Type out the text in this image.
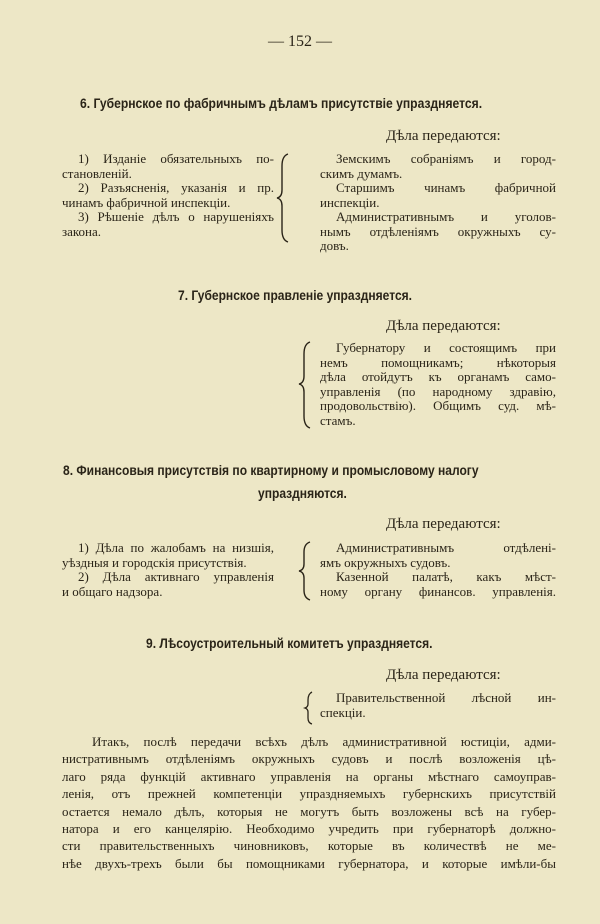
— 152 —
6. Губернское по фабричнымъ дѣламъ присутствіе упраздняется.
Дѣла передаются:
1) Изданіе обязательныхъ по-
становленій.
2) Разъясненія, указанія и пр.
чинамъ фабричной инспекціи.
3) Рѣшеніе дѣлъ о нарушеніяхъ
закона.
Земскимъ собраніямъ и город-
скимъ думамъ.
Старшимъ чинамъ фабричной
инспекціи.
Административнымъ и уголов-
нымъ отдѣленіямъ окружныхъ су-
довъ.
7. Губернское правленіе упраздняется.
Дѣла передаются:
Губернатору и состоящимъ при
немъ помощникамъ; нѣкоторыя
дѣла отойдутъ къ органамъ само-
управленія (по народному здравію,
продовольствію). Общимъ суд. мѣ-
стамъ.
8. Финансовыя присутствія по квартирному и промысловому налогу
упраздняются.
Дѣла передаются:
1) Дѣла по жалобамъ на низшія,
уѣздныя и городскія присутствія.
2) Дѣла активнаго управленія
и общаго надзора.
Административнымъ отдѣлені-
ямъ окружныхъ судовъ.
Казенной палатѣ, какъ мѣст-
ному органу финансов. управленія.
9. Лѣсоустроительный комитетъ упраздняется.
Дѣла передаются:
Правительственной лѣсной ин-
спекціи.
Итакъ, послѣ передачи всѣхъ дѣлъ административной юстиціи, адми-
нистративнымъ отдѣленіямъ окружныхъ судовъ и послѣ возложенія цѣ-
лаго ряда функцій активнаго управленія на органы мѣстнаго самоуправ-
ленія, отъ прежней компетенціи упраздняемыхъ губернскихъ присутствій
остается немало дѣлъ, которыя не могутъ быть возложены всѣ на губер-
натора и его канцелярію. Необходимо учредить при губернаторѣ должно-
сти правительственныхъ чиновниковъ, которые въ количествѣ не ме-
нѣе двухъ-трехъ были бы помощниками губернатора, и которые имѣли-бы
